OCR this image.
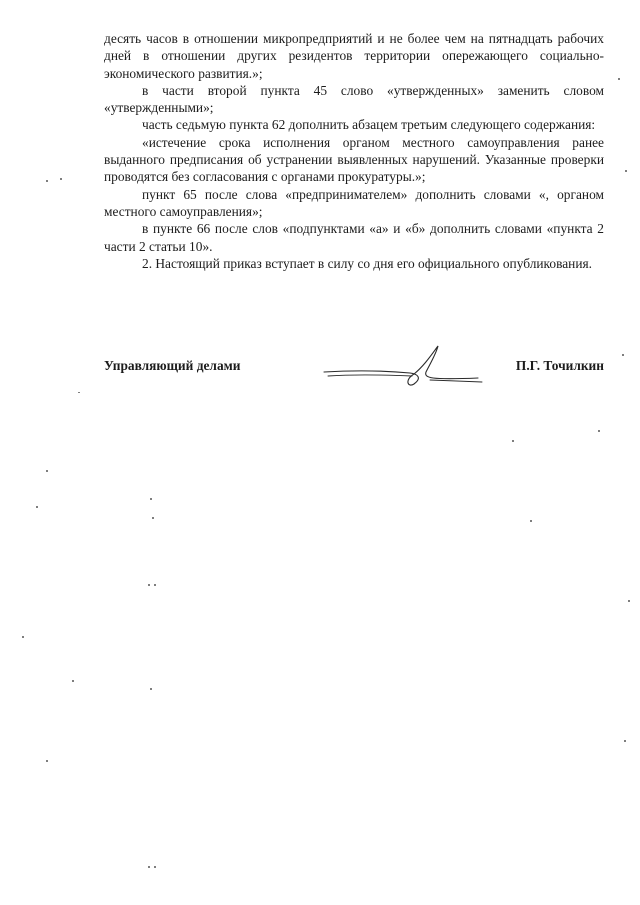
десять часов в отношении микропредприятий и не более чем на пятнадцать рабочих дней в отношении других резидентов территории опережающего социально-экономического развития.»;

в части второй пункта 45 слово «утвержденных» заменить словом «утвержденными»;

часть седьмую пункта 62 дополнить абзацем третьим следующего содержания:

«истечение срока исполнения органом местного самоуправления ранее выданного предписания об устранении выявленных нарушений. Указанные проверки проводятся без согласования с органами прокуратуры.»;

пункт 65 после слова «предпринимателем» дополнить словами «, органом местного самоуправления»;

в пункте 66 после слов «подпунктами «а» и «б» дополнить словами «пункта 2 части 2 статьи 10».

2. Настоящий приказ вступает в силу со дня его официального опубликования.

Управляющий делами	П.Г. Точилкин
